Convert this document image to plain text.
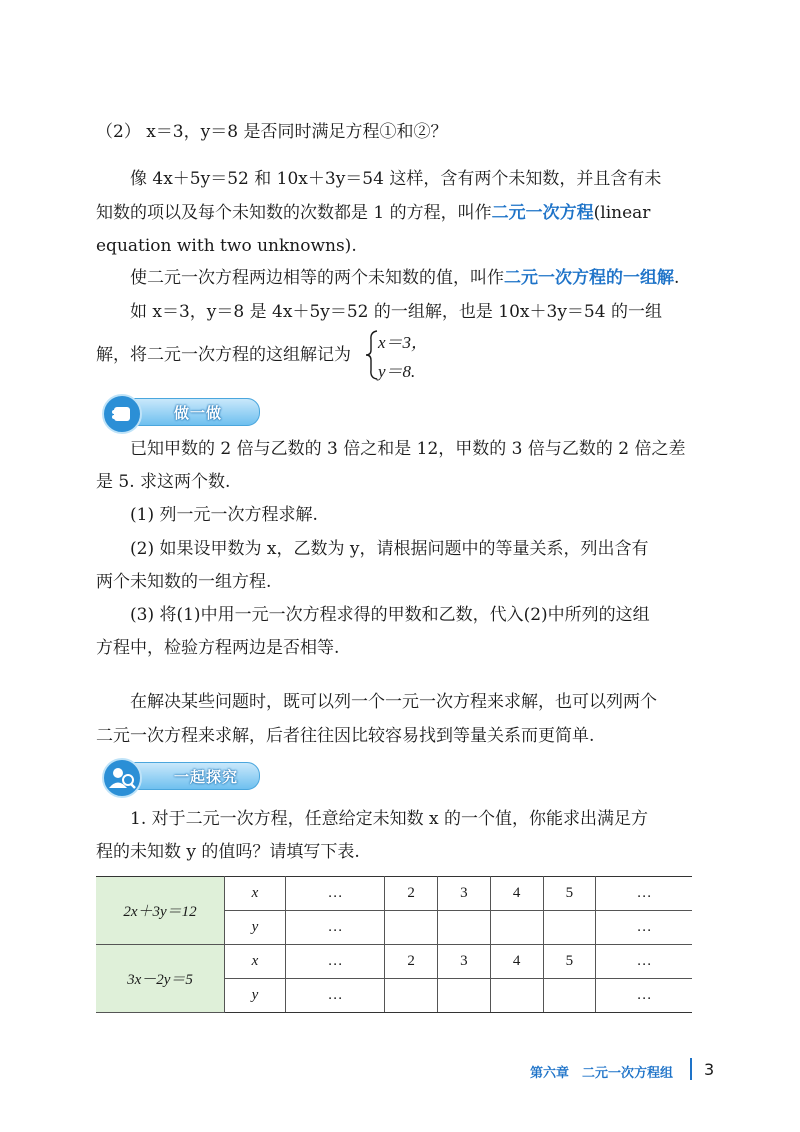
（2） x＝3，y＝8 是否同时满足方程①和②？
像 4x＋5y＝52 和 10x＋3y＝54 这样，含有两个未知数，并且含有未
知数的项以及每个未知数的次数都是 1 的方程，叫作二元一次方程(linear
equation with two unknowns).
使二元一次方程两边相等的两个未知数的值，叫作二元一次方程的一组解.
如 x＝3，y＝8 是 4x＋5y＝52 的一组解，也是 10x＋3y＝54 的一组
解，将二元一次方程的这组解记为
x＝3，
y＝8.
做一做
已知甲数的 2 倍与乙数的 3 倍之和是 12，甲数的 3 倍与乙数的 2 倍之差
是 5. 求这两个数.
(1) 列一元一次方程求解.
(2) 如果设甲数为 x，乙数为 y，请根据问题中的等量关系，列出含有
两个未知数的一组方程.
(3) 将(1)中用一元一次方程求得的甲数和乙数，代入(2)中所列的这组
方程中，检验方程两边是否相等.
在解决某些问题时，既可以列一个一元一次方程来求解，也可以列两个
二元一次方程来求解，后者往往因比较容易找到等量关系而更简单.
一起探究
1. 对于二元一次方程，任意给定未知数 x 的一个值，你能求出满足方
程的未知数 y 的值吗？请填写下表.
2x＋3y＝12	x	…	2	3	4	5	…
	y	…					…
3x－2y＝5	x	…	2	3	4	5	…
	y	…					…
第六章　二元一次方程组 3
